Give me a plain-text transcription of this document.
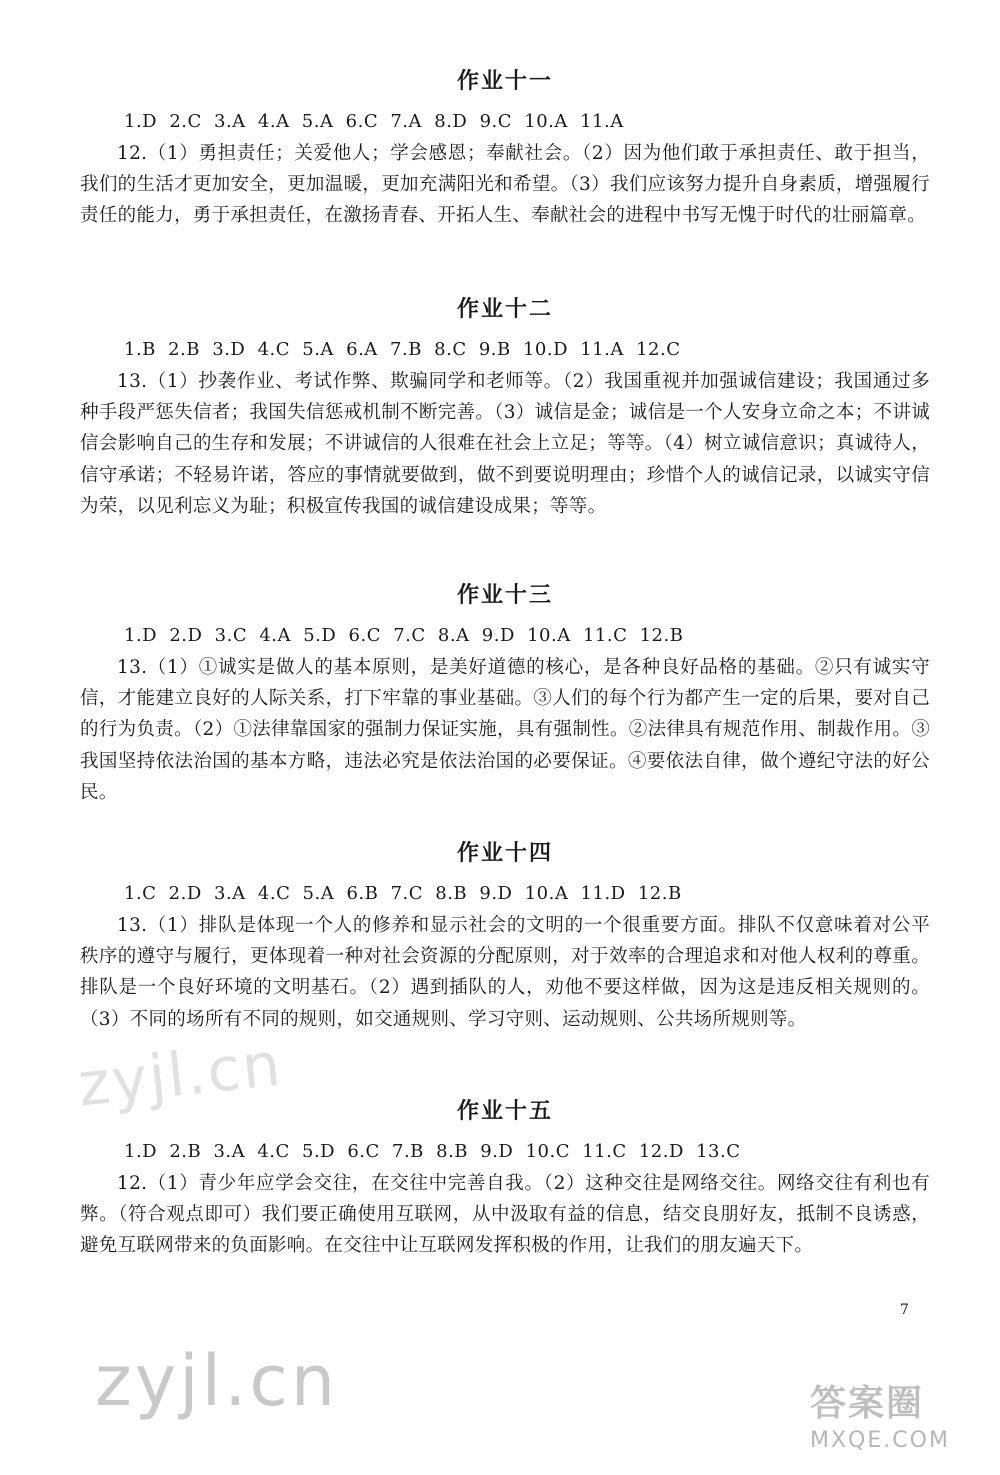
作业十一
1.D 2.C 3.A 4.A 5.A 6.C 7.A 8.D 9.C 10.A 11.A

12.（1）勇担责任；关爱他人；学会感恩；奉献社会。（2）因为他们敢于承担责任、敢于担当，我们的生活才更加安全，更加温暖，更加充满阳光和希望。（3）我们应该努力提升自身素质，增强履行责任的能力，勇于承担责任，在激扬青春、开拓人生、奉献社会的进程中书写无愧于时代的壮丽篇章。

作业十二
1.B 2.B 3.D 4.C 5.A 6.A 7.B 8.C 9.B 10.D 11.A 12.C

13.（1）抄袭作业、考试作弊、欺骗同学和老师等。（2）我国重视并加强诚信建设；我国通过多种手段严惩失信者；我国失信惩戒机制不断完善。（3）诚信是金；诚信是一个人安身立命之本；不讲诚信会影响自己的生存和发展；不讲诚信的人很难在社会上立足；等等。（4）树立诚信意识；真诚待人，信守承诺；不轻易许诺，答应的事情就要做到，做不到要说明理由；珍惜个人的诚信记录，以诚实守信为荣，以见利忘义为耻；积极宣传我国的诚信建设成果；等等。

作业十三
1.D 2.D 3.C 4.A 5.D 6.C 7.C 8.A 9.D 10.A 11.C 12.B

13.（1）①诚实是做人的基本原则，是美好道德的核心，是各种良好品格的基础。②只有诚实守信，才能建立良好的人际关系，打下牢靠的事业基础。③人们的每个行为都产生一定的后果，要对自己的行为负责。（2）①法律靠国家的强制力保证实施，具有强制性。②法律具有规范作用、制裁作用。③我国坚持依法治国的基本方略，违法必究是依法治国的必要保证。④要依法自律，做个遵纪守法的好公民。

作业十四
1.C 2.D 3.A 4.C 5.A 6.B 7.C 8.B 9.D 10.A 11.D 12.B

13.（1）排队是体现一个人的修养和显示社会的文明的一个很重要方面。排队不仅意味着对公平秩序的遵守与履行，更体现着一种对社会资源的分配原则，对于效率的合理追求和对他人权利的尊重。排队是一个良好环境的文明基石。（2）遇到插队的人，劝他不要这样做，因为这是违反相关规则的。（3）不同的场所有不同的规则，如交通规则、学习守则、运动规则、公共场所规则等。

作业十五
1.D 2.B 3.A 4.C 5.D 6.C 7.B 8.B 9.D 10.C 11.C 12.D 13.C

12.（1）青少年应学会交往，在交往中完善自我。（2）这种交往是网络交往。网络交往有利也有弊。（符合观点即可）我们要正确使用互联网，从中汲取有益的信息，结交良朋好友，抵制不良诱惑，避免互联网带来的负面影响。在交往中让互联网发挥积极的作用，让我们的朋友遍天下。

7
zyjl.cn
zyjl.cn	答案圈
MXQE.COM
